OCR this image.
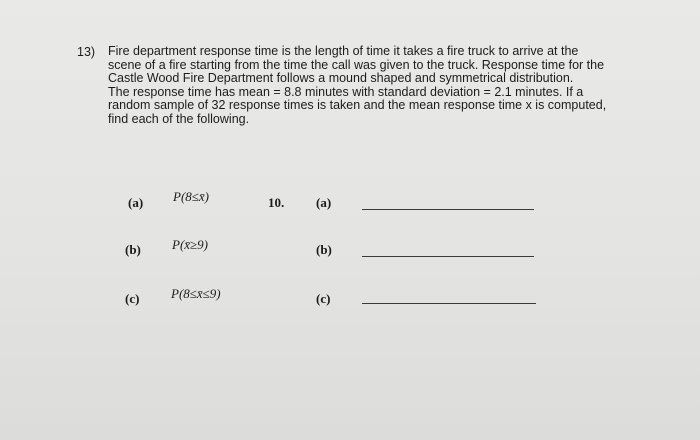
13) Fire department response time is the length of time it takes a fire truck to arrive at the
scene of a fire starting from the time the call was given to the truck. Response time for the
Castle Wood Fire Department follows a mound shaped and symmetrical distribution.
The response time has mean = 8.8 minutes with standard deviation = 2.1 minutes. If a
random sample of 32 response times is taken and the mean response time x is computed,
find each of the following.
(a) P(8≤x̄)	10. (a)
(b) P(x̄≥9)	(b)
(c) P(8≤x̄≤9)	(c)
